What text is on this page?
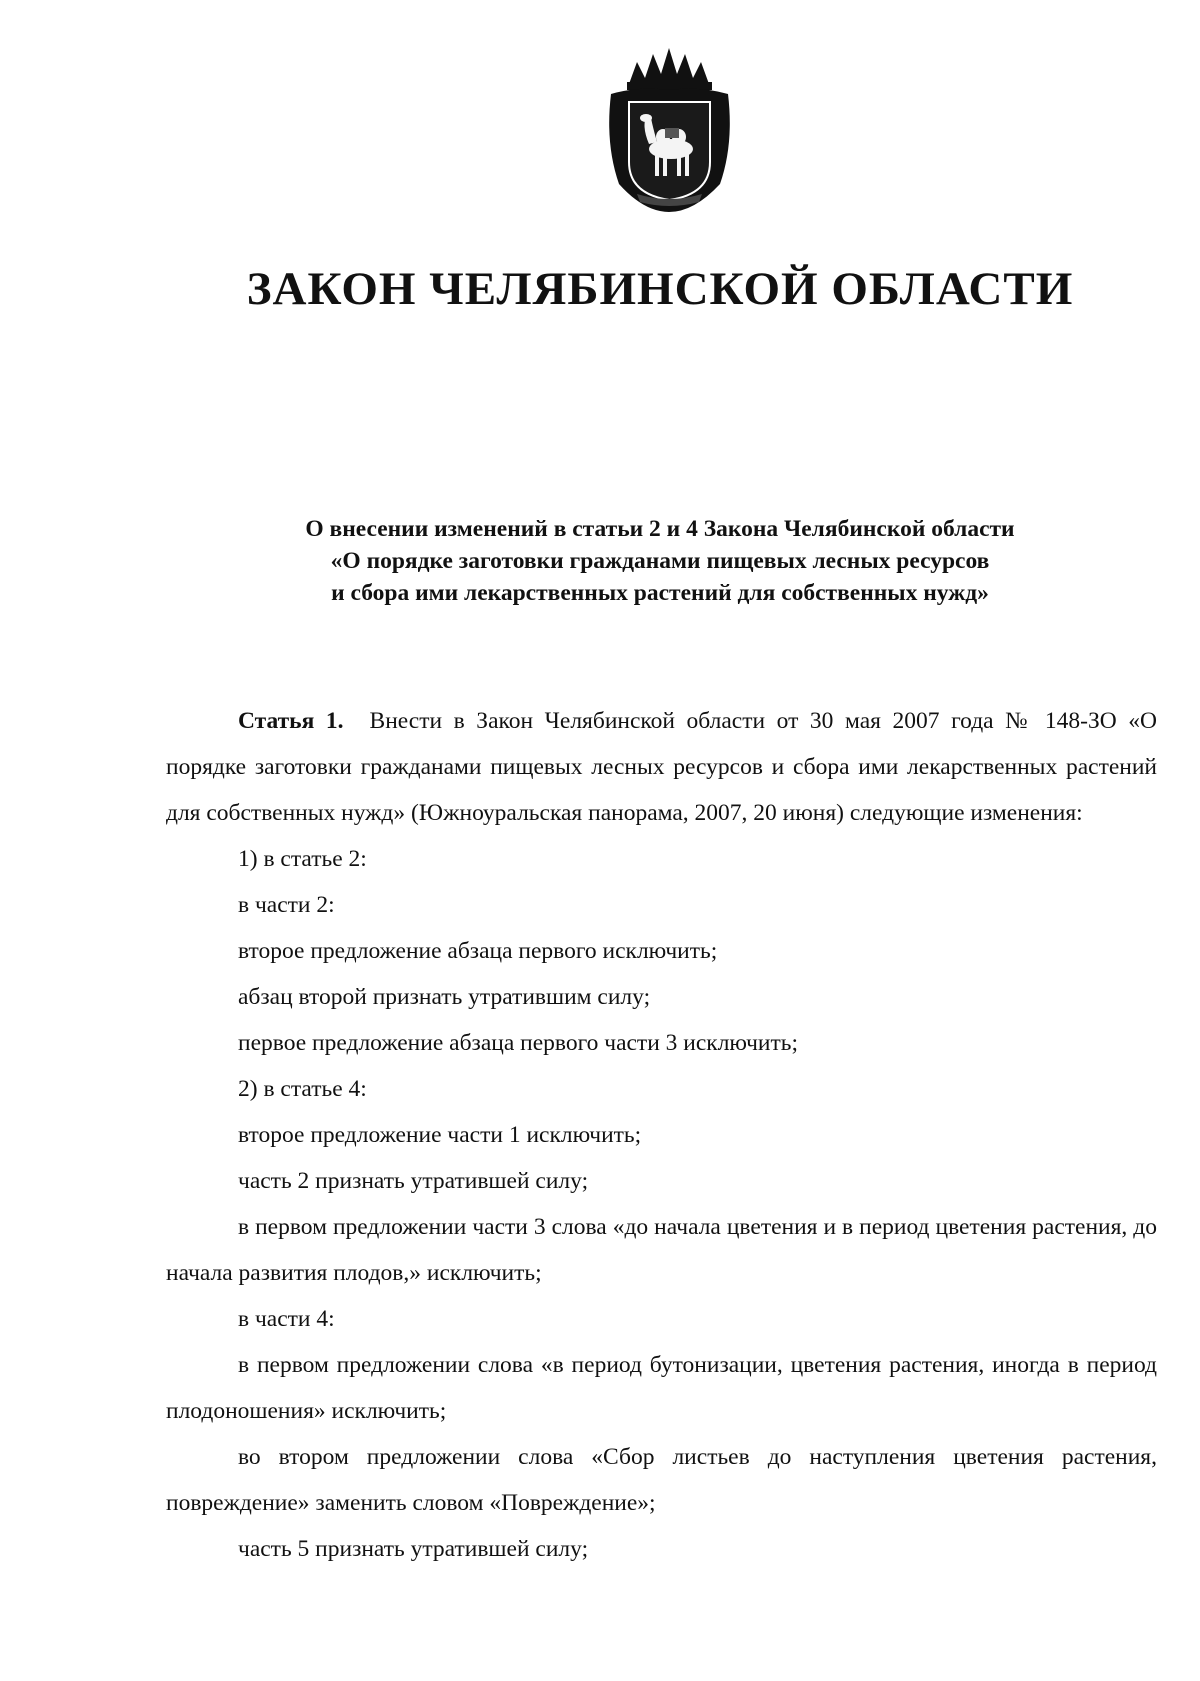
ЗАКОН ЧЕЛЯБИНСКОЙ ОБЛАСТИ
О внесении изменений в статьи 2 и 4 Закона Челябинской области
«О порядке заготовки гражданами пищевых лесных ресурсов
и сбора ими лекарственных растений для собственных нужд»

Статья 1. Внести в Закон Челябинской области от 30 мая 2007 года № 148-ЗО «О порядке заготовки гражданами пищевых лесных ресурсов и сбора ими лекарственных растений для собственных нужд» (Южноуральская панорама, 2007, 20 июня) следующие изменения:

1) в статье 2:

в части 2:

второе предложение абзаца первого исключить;

абзац второй признать утратившим силу;

первое предложение абзаца первого части 3 исключить;

2) в статье 4:

второе предложение части 1 исключить;

часть 2 признать утратившей силу;

в первом предложении части 3 слова «до начала цветения и в период цветения растения, до начала развития плодов,» исключить;

в части 4:

в первом предложении слова «в период бутонизации, цветения растения, иногда в период плодоношения» исключить;

во втором предложении слова «Сбор листьев до наступления цветения растения, повреждение» заменить словом «Повреждение»;

часть 5 признать утратившей силу;
